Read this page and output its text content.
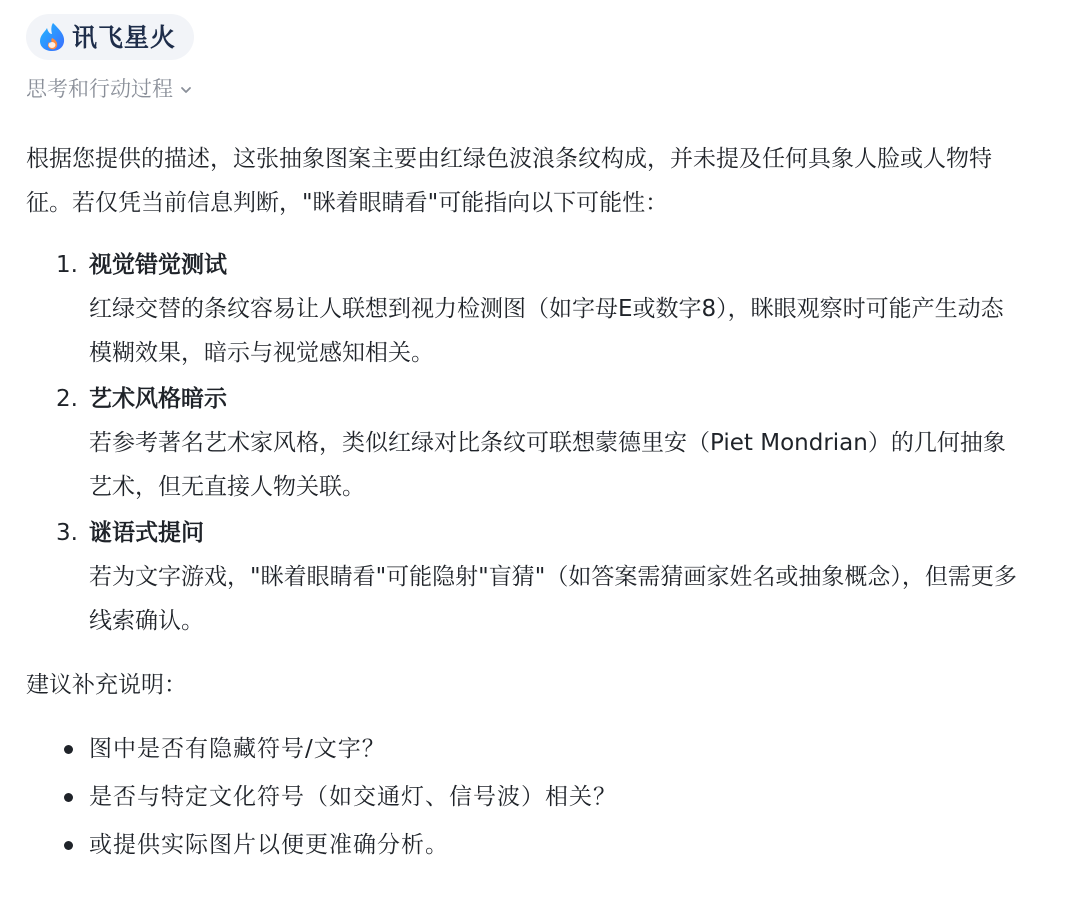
讯飞星火
思考和行动过程

根据您提供的描述，这张抽象图案主要由红绿色波浪条纹构成，并未提及任何具象人脸或人物特征。若仅凭当前信息判断，"眯着眼睛看"可能指向以下可能性：

1. 视觉错觉测试
红绿交替的条纹容易让人联想到视力检测图（如字母E或数字8），眯眼观察时可能产生动态模糊效果，暗示与视觉感知相关。
2. 艺术风格暗示
若参考著名艺术家风格，类似红绿对比条纹可联想蒙德里安（Piet Mondrian）的几何抽象艺术，但无直接人物关联。
3. 谜语式提问
若为文字游戏，"眯着眼睛看"可能隐射"盲猜"（如答案需猜画家姓名或抽象概念），但需更多线索确认。

建议补充说明：

图中是否有隐藏符号/文字？
是否与特定文化符号（如交通灯、信号波）相关？
或提供实际图片以便更准确分析。
